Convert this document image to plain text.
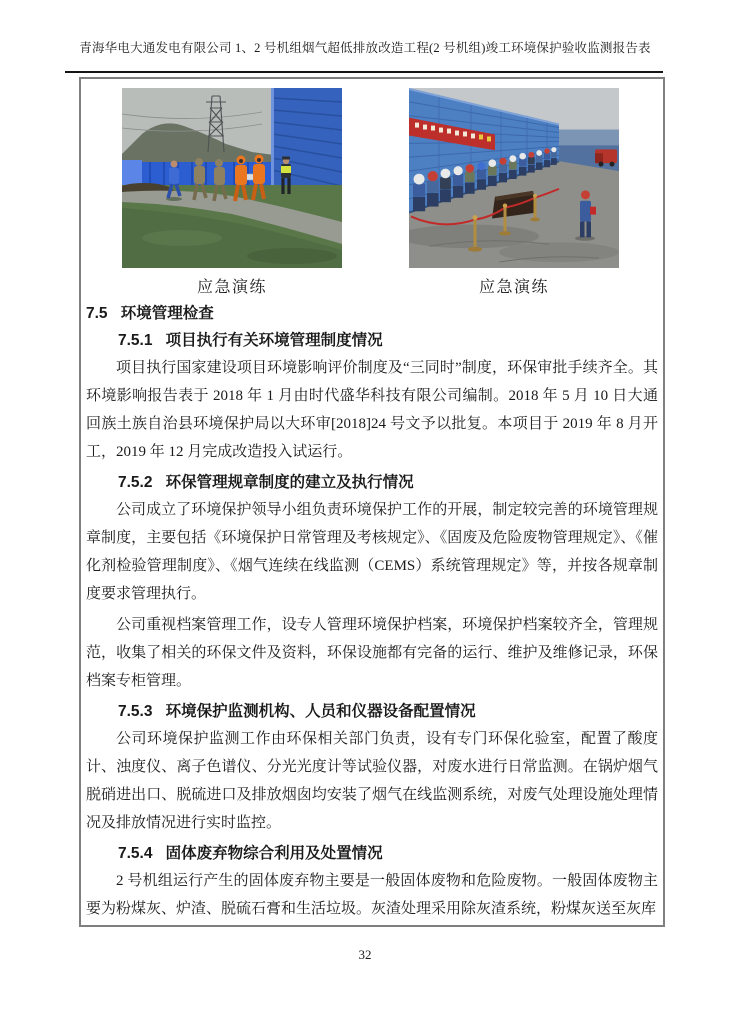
青海华电大通发电有限公司 1、2 号机组烟气超低排放改造工程(2 号机组)竣工环境保护验收监测报告表
应急演练	应急演练
7.5 环境管理检查
7.5.1 项目执行有关环境管理制度情况

项目执行国家建设项目环境影响评价制度及“三同时”制度，环保审批手续齐全。其环境影响报告表于 2018 年 1 月由时代盛华科技有限公司编制。2018 年 5 月 10 日大通回族土族自治县环境保护局以大环审[2018]24 号文予以批复。本项目于 2019 年 8 月开工，2019 年 12 月完成改造投入试运行。

7.5.2 环保管理规章制度的建立及执行情况

公司成立了环境保护领导小组负责环境保护工作的开展，制定较完善的环境管理规章制度，主要包括《环境保护日常管理及考核规定》、《固废及危险废物管理规定》、《催化剂检验管理制度》、《烟气连续在线监测（CEMS）系统管理规定》等，并按各规章制度要求管理执行。

公司重视档案管理工作，设专人管理环境保护档案，环境保护档案较齐全，管理规范，收集了相关的环保文件及资料，环保设施都有完备的运行、维护及维修记录，环保档案专柜管理。

7.5.3 环境保护监测机构、人员和仪器设备配置情况

公司环境保护监测工作由环保相关部门负责，设有专门环保化验室，配置了酸度计、浊度仪、离子色谱仪、分光光度计等试验仪器，对废水进行日常监测。在锅炉烟气脱硝进出口、脱硫进口及排放烟囱均安装了烟气在线监测系统，对废气处理设施处理情况及排放情况进行实时监控。

7.5.4 固体废弃物综合利用及处置情况

2 号机组运行产生的固体废弃物主要是一般固体废物和危险废物。一般固体废物主要为粉煤灰、炉渣、脱硫石膏和生活垃圾。灰渣处理采用除灰渣系统，粉煤灰送至灰库

32
